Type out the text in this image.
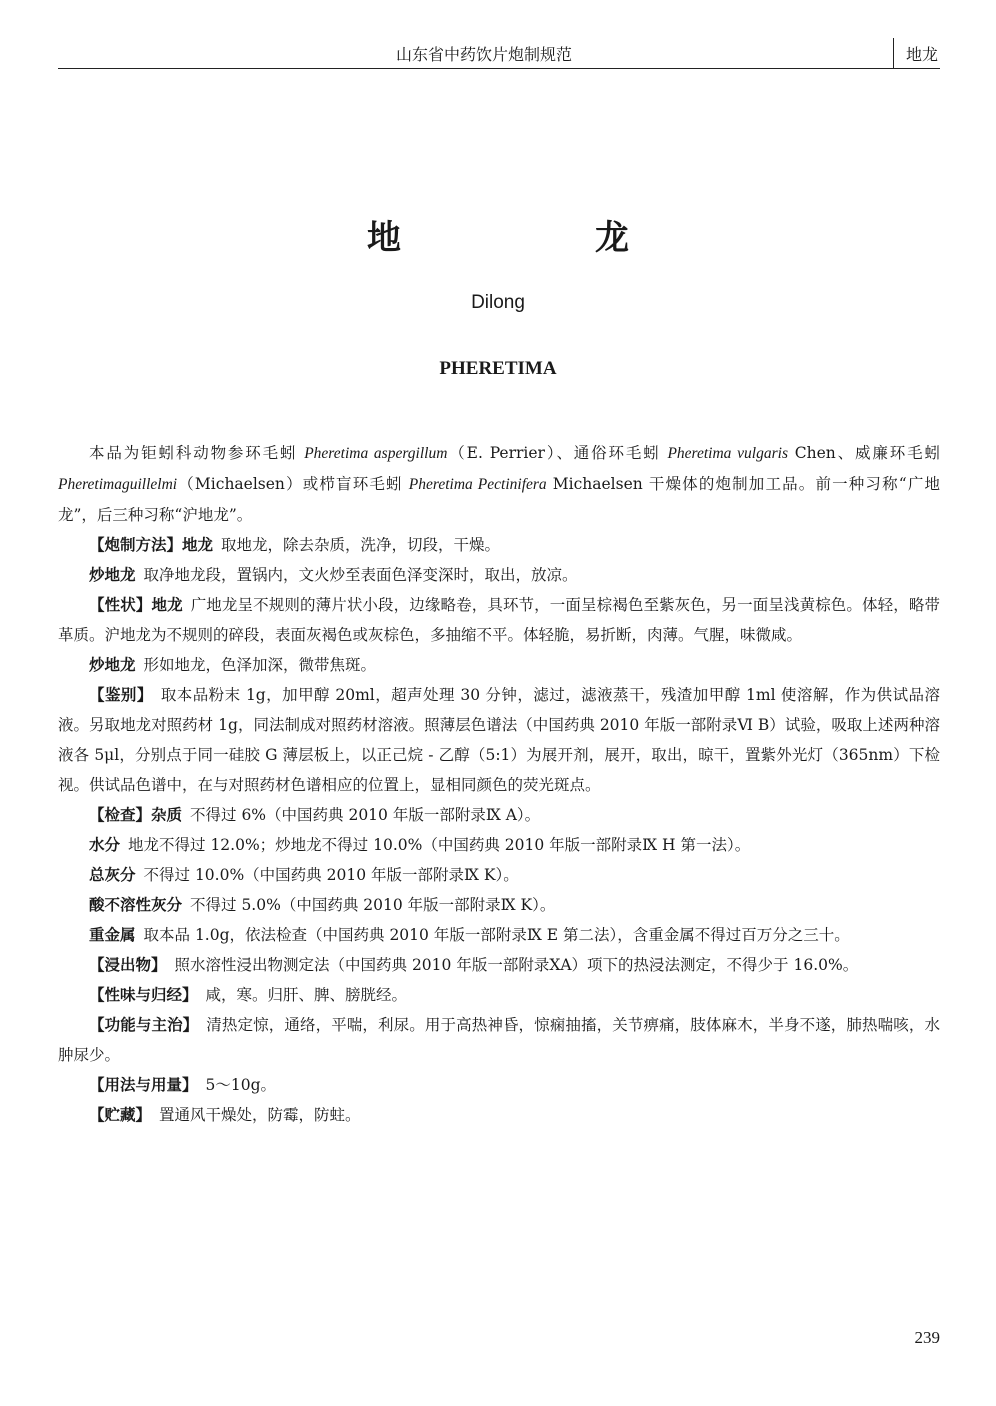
山东省中药饮片炮制规范	地龙
地　龙
Dilong
PHERETIMA

本品为钜蚓科动物参环毛蚓 Pheretima aspergillum（E. Perrier）、通俗环毛蚓 Pheretima vulgaris Chen、威廉环毛蚓 Pheretimaguillelmi（Michaelsen）或栉盲环毛蚓 Pheretima Pectinifera Michaelsen 干燥体的炮制加工品。前一种习称“广地龙”，后三种习称“沪地龙”。

【炮制方法】地龙 取地龙，除去杂质，洗净，切段，干燥。

炒地龙 取净地龙段，置锅内，文火炒至表面色泽变深时，取出，放凉。

【性状】地龙 广地龙呈不规则的薄片状小段，边缘略卷，具环节，一面呈棕褐色至紫灰色，另一面呈浅黄棕色。体轻，略带革质。沪地龙为不规则的碎段，表面灰褐色或灰棕色，多抽缩不平。体轻脆，易折断，肉薄。气腥，味微咸。

炒地龙 形如地龙，色泽加深，微带焦斑。

【鉴别】 取本品粉末 1g，加甲醇 20ml，超声处理 30 分钟，滤过，滤液蒸干，残渣加甲醇 1ml 使溶解，作为供试品溶液。另取地龙对照药材 1g，同法制成对照药材溶液。照薄层色谱法（中国药典 2010 年版一部附录Ⅵ B）试验，吸取上述两种溶液各 5μl，分别点于同一硅胶 G 薄层板上，以正己烷 - 乙醇（5:1）为展开剂，展开，取出，晾干，置紫外光灯（365nm）下检视。供试品色谱中，在与对照药材色谱相应的位置上，显相同颜色的荧光斑点。

【检查】杂质 不得过 6%（中国药典 2010 年版一部附录Ⅸ A）。

水分 地龙不得过 12.0%；炒地龙不得过 10.0%（中国药典 2010 年版一部附录Ⅸ H 第一法）。

总灰分 不得过 10.0%（中国药典 2010 年版一部附录Ⅸ K）。

酸不溶性灰分 不得过 5.0%（中国药典 2010 年版一部附录Ⅸ K）。

重金属 取本品 1.0g，依法检查（中国药典 2010 年版一部附录Ⅸ E 第二法），含重金属不得过百万分之三十。

【浸出物】 照水溶性浸出物测定法（中国药典 2010 年版一部附录ⅩA）项下的热浸法测定，不得少于 16.0%。

【性味与归经】 咸，寒。归肝、脾、膀胱经。

【功能与主治】 清热定惊，通络，平喘，利尿。用于高热神昏，惊痫抽搐，关节痹痛，肢体麻木，半身不遂，肺热喘咳，水肿尿少。

【用法与用量】 5～10g。

【贮藏】 置通风干燥处，防霉，防蛀。

239
